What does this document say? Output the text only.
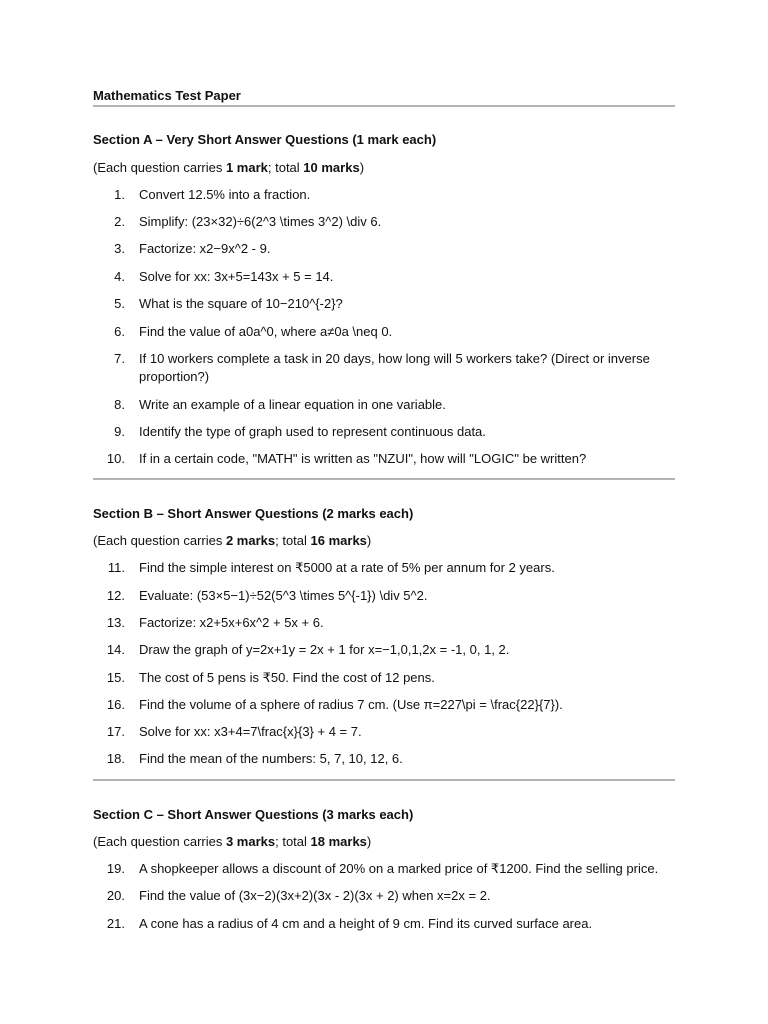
Mathematics Test Paper
Section A – Very Short Answer Questions (1 mark each)
(Each question carries 1 mark; total 10 marks)
1. Convert 12.5% into a fraction.
2. Simplify: (23×32)÷6(2^3 \times 3^2) \div 6.
3. Factorize: x2−9x^2 - 9.
4. Solve for xx: 3x+5=143x + 5 = 14.
5. What is the square of 10−210^{-2}?
6. Find the value of a0a^0, where a≠0a \neq 0.
7. If 10 workers complete a task in 20 days, how long will 5 workers take? (Direct or inverse proportion?)
8. Write an example of a linear equation in one variable.
9. Identify the type of graph used to represent continuous data.
10. If in a certain code, "MATH" is written as "NZUI", how will "LOGIC" be written?
Section B – Short Answer Questions (2 marks each)
(Each question carries 2 marks; total 16 marks)
11. Find the simple interest on ₹5000 at a rate of 5% per annum for 2 years.
12. Evaluate: (53×5−1)÷52(5^3 \times 5^{-1}) \div 5^2.
13. Factorize: x2+5x+6x^2 + 5x + 6.
14. Draw the graph of y=2x+1y = 2x + 1 for x=−1,0,1,2x = -1, 0, 1, 2.
15. The cost of 5 pens is ₹50. Find the cost of 12 pens.
16. Find the volume of a sphere of radius 7 cm. (Use π=227\pi = \frac{22}{7}).
17. Solve for xx: x3+4=7\frac{x}{3} + 4 = 7.
18. Find the mean of the numbers: 5, 7, 10, 12, 6.
Section C – Short Answer Questions (3 marks each)
(Each question carries 3 marks; total 18 marks)
19. A shopkeeper allows a discount of 20% on a marked price of ₹1200. Find the selling price.
20. Find the value of (3x−2)(3x+2)(3x - 2)(3x + 2) when x=2x = 2.
21. A cone has a radius of 4 cm and a height of 9 cm. Find its curved surface area.
